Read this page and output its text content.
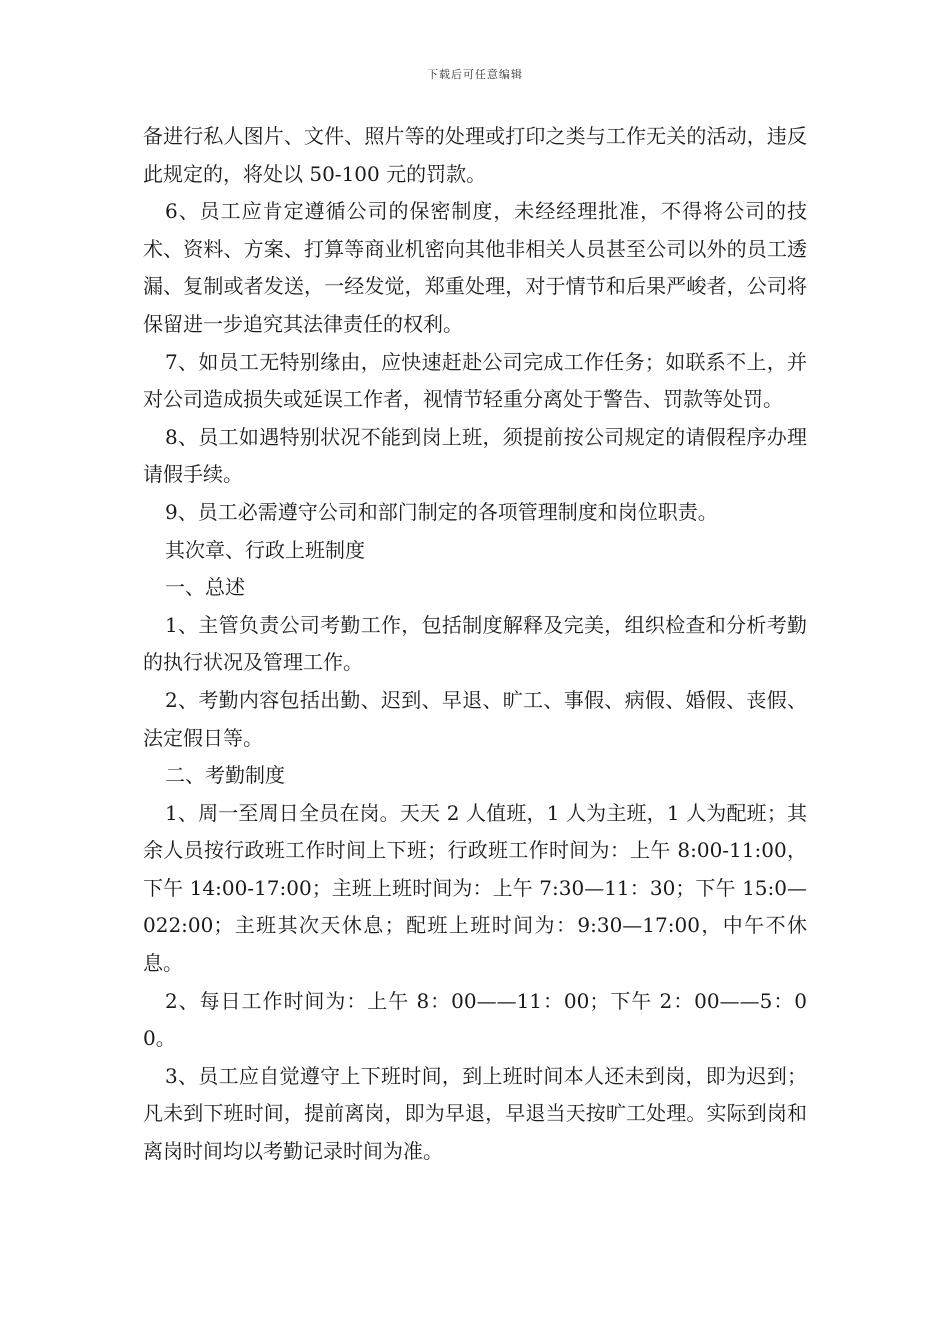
下载后可任意编辑

备进行私人图片、文件、照片等的处理或打印之类与工作无关的活动，违反此规定的，将处以 50-100 元的罚款。

6、员工应肯定遵循公司的保密制度，未经经理批准，不得将公司的技术、资料、方案、打算等商业机密向其他非相关人员甚至公司以外的员工透漏、复制或者发送，一经发觉，郑重处理，对于情节和后果严峻者，公司将保留进一步追究其法律责任的权利。

7、如员工无特别缘由，应快速赶赴公司完成工作任务；如联系不上，并对公司造成损失或延误工作者，视情节轻重分离处于警告、罚款等处罚。

8、员工如遇特别状况不能到岗上班，须提前按公司规定的请假程序办理请假手续。

9、员工必需遵守公司和部门制定的各项管理制度和岗位职责。

其次章、行政上班制度

一、总述

1、主管负责公司考勤工作，包括制度解释及完美，组织检查和分析考勤的执行状况及管理工作。

2、考勤内容包括出勤、迟到、早退、旷工、事假、病假、婚假、丧假、法定假日等。

二、考勤制度

1、周一至周日全员在岗。天天 2 人值班，1 人为主班，1 人为配班；其余人员按行政班工作时间上下班；行政班工作时间为：上午 8:00-11:00， 下午 14:00-17:00；主班上班时间为：上午 7:30—11：30；下午 15:0—022:00；主班其次天休息；配班上班时间为：9:30—17:00，中午不休息。

2、每日工作时间为：上午 8：00——11：00；下午 2：00——5：00。

3、员工应自觉遵守上下班时间，到上班时间本人还未到岗，即为迟到；凡未到下班时间，提前离岗，即为早退，早退当天按旷工处理。实际到岗和离岗时间均以考勤记录时间为准。
